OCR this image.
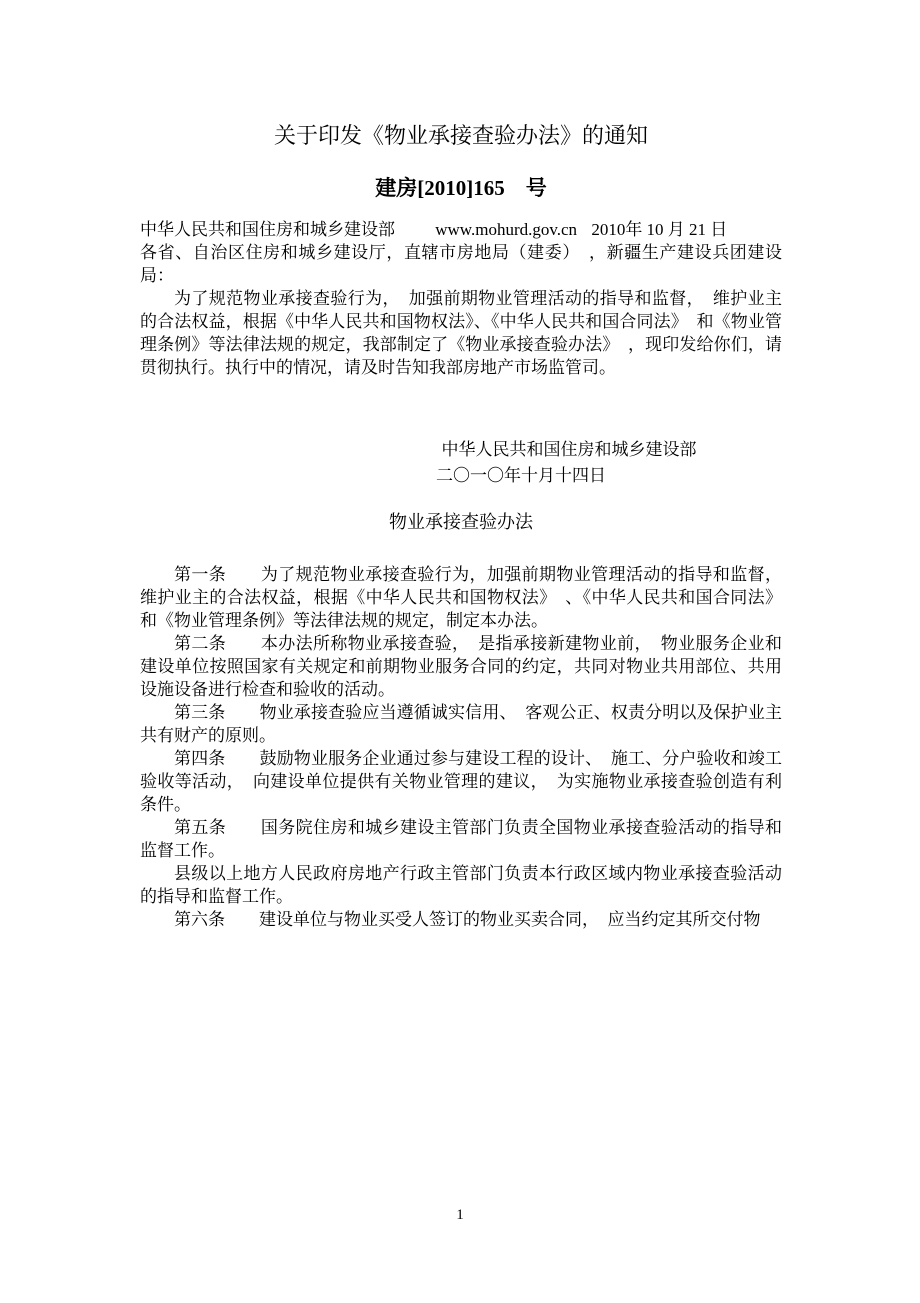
关于印发《物业承接查验办法》的通知
建房[2010]165　号
中华人民共和国住房和城乡建设部 www.mohurd.gov.cn 2010年 10 月 21 日

各省、自治区住房和城乡建设厅，直辖市房地局（建委）　，新疆生产建设兵团建设局：

为了规范物业承接查验行为，　加强前期物业管理活动的指导和监督，　维护业主的合法权益，根据《中华人民共和国物权法》、《中华人民共和国合同法》　和《物业管理条例》等法律法规的规定，我部制定了《物业承接查验办法》　，现印发给你们，请贯彻执行。执行中的情况，请及时告知我部房地产市场监管司。

中华人民共和国住房和城乡建设部
二〇一〇年十月十四日
物业承接查验办法

第一条　　为了规范物业承接查验行为，加强前期物业管理活动的指导和监督，维护业主的合法权益，根据《中华人民共和国物权法》　、《中华人民共和国合同法》和《物业管理条例》等法律法规的规定，制定本办法。

第二条　　本办法所称物业承接查验，　是指承接新建物业前，　物业服务企业和建设单位按照国家有关规定和前期物业服务合同的约定，共同对物业共用部位、共用设施设备进行检查和验收的活动。

第三条　　物业承接查验应当遵循诚实信用、　客观公正、权责分明以及保护业主共有财产的原则。

第四条　　鼓励物业服务企业通过参与建设工程的设计、　施工、分户验收和竣工验收等活动，　向建设单位提供有关物业管理的建议，　为实施物业承接查验创造有利条件。

第五条　　国务院住房和城乡建设主管部门负责全国物业承接查验活动的指导和监督工作。

县级以上地方人民政府房地产行政主管部门负责本行政区域内物业承接查验活动的指导和监督工作。

第六条　　建设单位与物业买受人签订的物业买卖合同，　应当约定其所交付物

1
